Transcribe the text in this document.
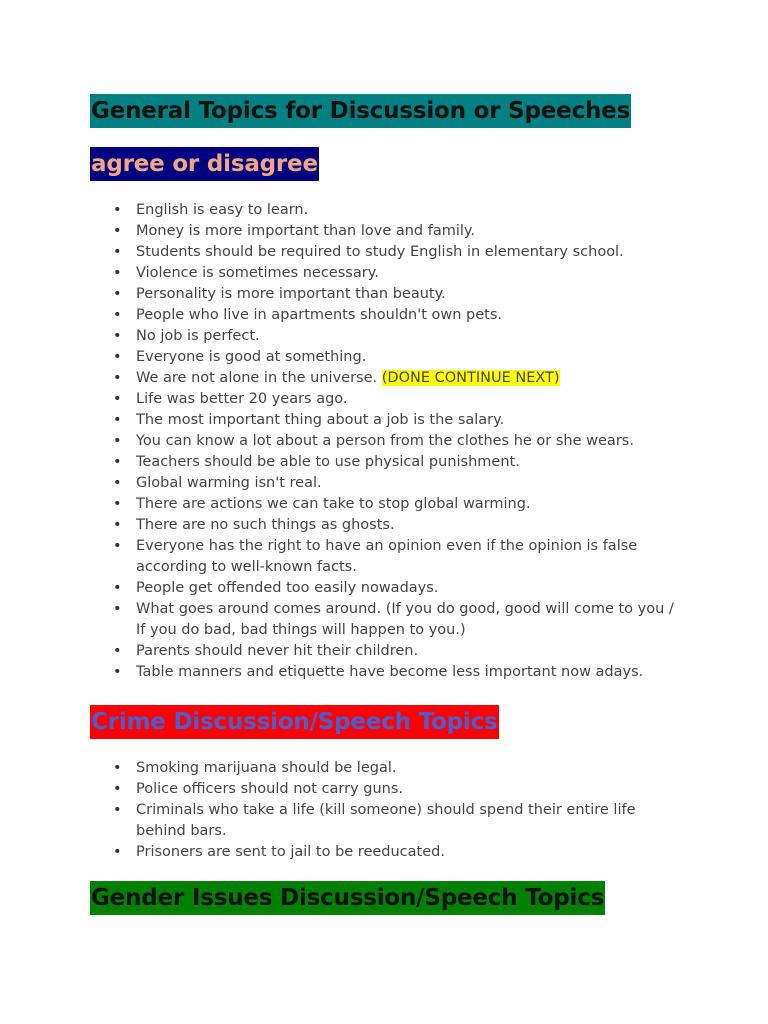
General Topics for Discussion or Speeches
agree or disagree
• English is easy to learn.
• Money is more important than love and family.
• Students should be required to study English in elementary school.
• Violence is sometimes necessary.
• Personality is more important than beauty.
• People who live in apartments shouldn't own pets.
• No job is perfect.
• Everyone is good at something.
• We are not alone in the universe. (DONE CONTINUE NEXT)
• Life was better 20 years ago.
• The most important thing about a job is the salary.
• You can know a lot about a person from the clothes he or she wears.
• Teachers should be able to use physical punishment.
• Global warming isn't real.
• There are actions we can take to stop global warming.
• There are no such things as ghosts.
• Everyone has the right to have an opinion even if the opinion is false according to well-known facts.
• People get offended too easily nowadays.
• What goes around comes around. (If you do good, good will come to you / If you do bad, bad things will happen to you.)
• Parents should never hit their children.
• Table manners and etiquette have become less important now adays.
Crime Discussion/Speech Topics
• Smoking marijuana should be legal.
• Police officers should not carry guns.
• Criminals who take a life (kill someone) should spend their entire life behind bars.
• Prisoners are sent to jail to be reeducated.
Gender Issues Discussion/Speech Topics
